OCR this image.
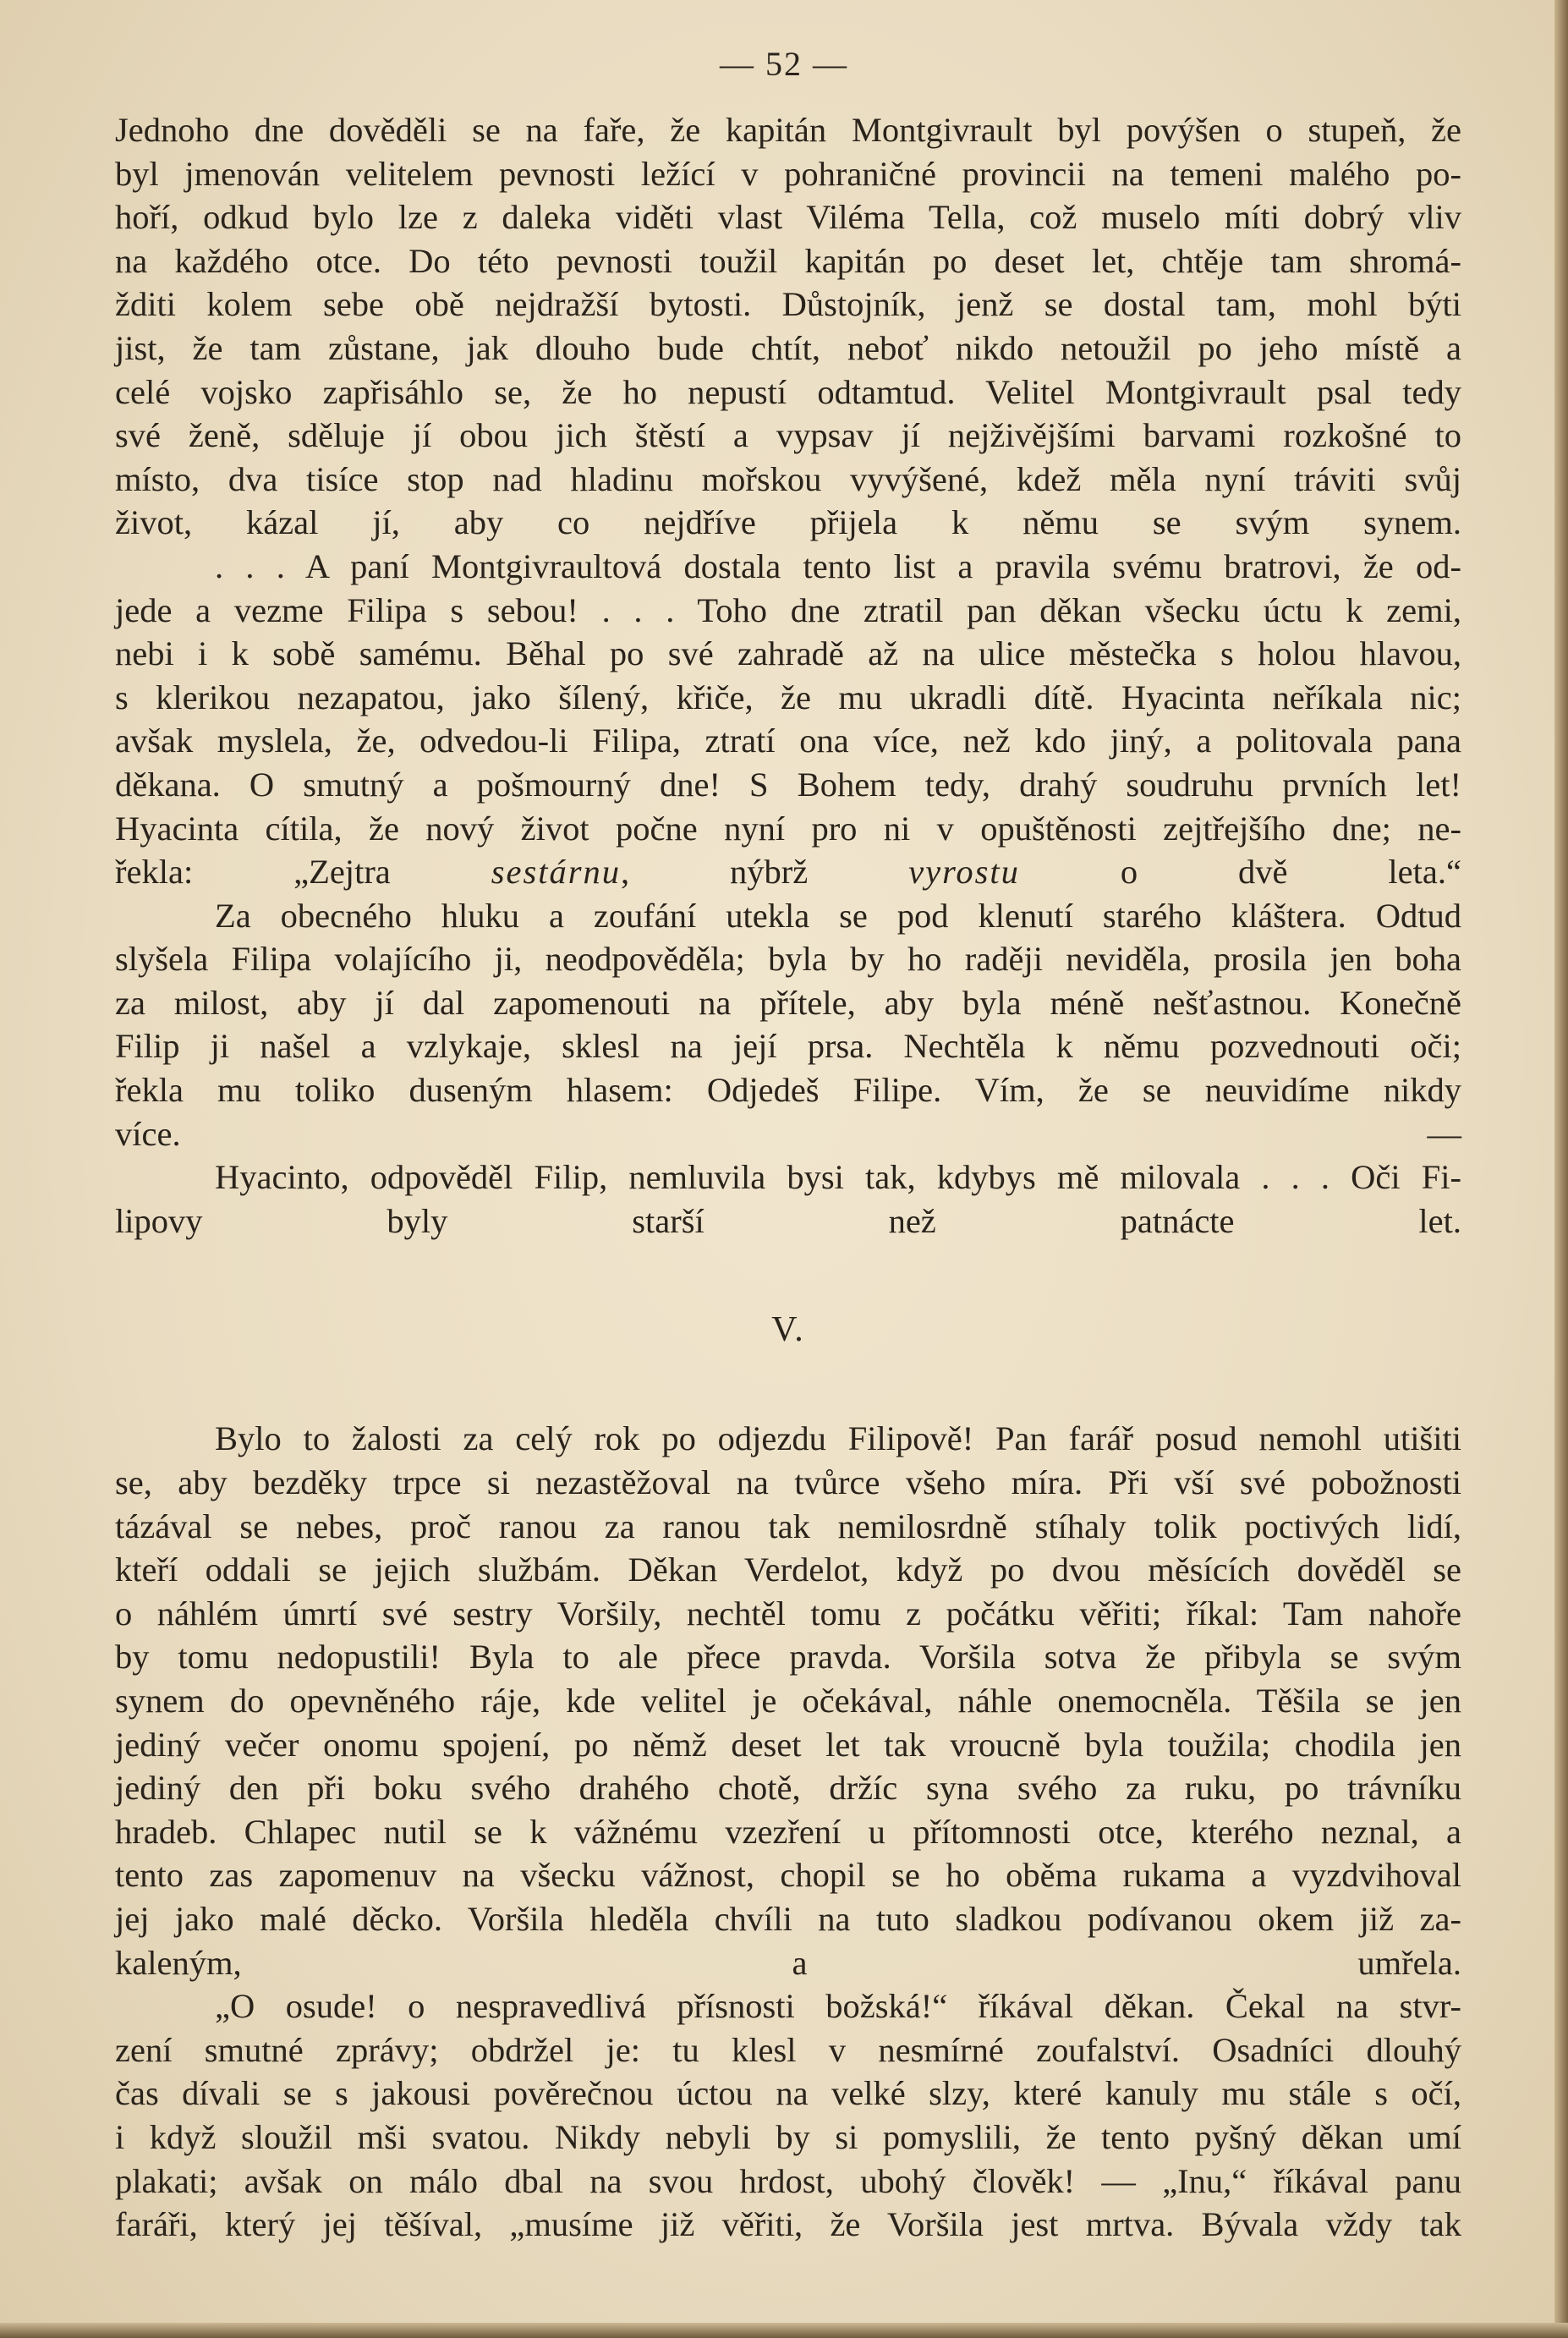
— 52 —
Jednoho dne dověděli se na faře, že kapitán Montgivrault byl povýšen o stupeň, že
byl jmenován velitelem pevnosti ležící v pohraničné provincii na temeni malého po-
hoří, odkud bylo lze z daleka viděti vlast Viléma Tella, což muselo míti dobrý vliv
na každého otce. Do této pevnosti toužil kapitán po deset let, chtěje tam shromá-
žditi kolem sebe obě nejdražší bytosti. Důstojník, jenž se dostal tam, mohl býti
jist, že tam zůstane, jak dlouho bude chtít, neboť nikdo netoužil po jeho místě a
celé vojsko zapřisáhlo se, že ho nepustí odtamtud. Velitel Montgivrault psal tedy
své ženě, sděluje jí obou jich štěstí a vypsav jí nejživějšími barvami rozkošné to
místo, dva tisíce stop nad hladinu mořskou vyvýšené, kdež měla nyní tráviti svůj
život, kázal jí, aby co nejdříve přijela k němu se svým synem.
. . . A paní Montgivraultová dostala tento list a pravila svému bratrovi, že od-
jede a vezme Filipa s sebou! . . . Toho dne ztratil pan děkan všecku úctu k zemi,
nebi i k sobě samému. Běhal po své zahradě až na ulice městečka s holou hlavou,
s klerikou nezapatou, jako šílený, křiče, že mu ukradli dítě. Hyacinta neříkala nic;
avšak myslela, že, odvedou-li Filipa, ztratí ona více, než kdo jiný, a politovala pana
děkana. O smutný a pošmourný dne! S Bohem tedy, drahý soudruhu prvních let!
Hyacinta cítila, že nový život počne nyní pro ni v opuštěnosti zejtřejšího dne; ne-
řekla: „Zejtra sestárnu, nýbrž vyrostu o dvě leta.“
Za obecného hluku a zoufání utekla se pod klenutí starého kláštera. Odtud
slyšela Filipa volajícího ji, neodpověděla; byla by ho raději neviděla, prosila jen boha
za milost, aby jí dal zapomenouti na přítele, aby byla méně nešťastnou. Konečně
Filip ji našel a vzlykaje, sklesl na její prsa. Nechtěla k němu pozvednouti oči;
řekla mu toliko duseným hlasem: Odjedeš Filipe. Vím, že se neuvidíme nikdy
více. —
Hyacinto, odpověděl Filip, nemluvila bysi tak, kdybys mě milovala . . . Oči Fi-
lipovy byly starší než patnácte let.
V.
Bylo to žalosti za celý rok po odjezdu Filipově! Pan farář posud nemohl utišiti
se, aby bezděky trpce si nezastěžoval na tvůrce všeho míra. Při vší své pobožnosti
tázával se nebes, proč ranou za ranou tak nemilosrdně stíhaly tolik poctivých lidí,
kteří oddali se jejich službám. Děkan Verdelot, když po dvou měsících dověděl se
o náhlém úmrtí své sestry Voršily, nechtěl tomu z počátku věřiti; říkal: Tam nahoře
by tomu nedopustili! Byla to ale přece pravda. Voršila sotva že přibyla se svým
synem do opevněného ráje, kde velitel je očekával, náhle onemocněla. Těšila se jen
jediný večer onomu spojení, po němž deset let tak vroucně byla toužila; chodila jen
jediný den při boku svého drahého chotě, držíc syna svého za ruku, po trávníku
hradeb. Chlapec nutil se k vážnému vzezření u přítomnosti otce, kterého neznal, a
tento zas zapomenuv na všecku vážnost, chopil se ho oběma rukama a vyzdvihoval
jej jako malé děcko. Voršila hleděla chvíli na tuto sladkou podívanou okem již za-
kaleným, a umřela.
„O osude! o nespravedlivá přísnosti božská!“ říkával děkan. Čekal na stvr-
zení smutné zprávy; obdržel je: tu klesl v nesmírné zoufalství. Osadníci dlouhý
čas dívali se s jakousi pověrečnou úctou na velké slzy, které kanuly mu stále s očí,
i když sloužil mši svatou. Nikdy nebyli by si pomyslili, že tento pyšný děkan umí
plakati; avšak on málo dbal na svou hrdost, ubohý člověk! — „Inu,“ říkával panu
faráři, který jej těšíval, „musíme již věřiti, že Voršila jest mrtva. Bývala vždy tak
